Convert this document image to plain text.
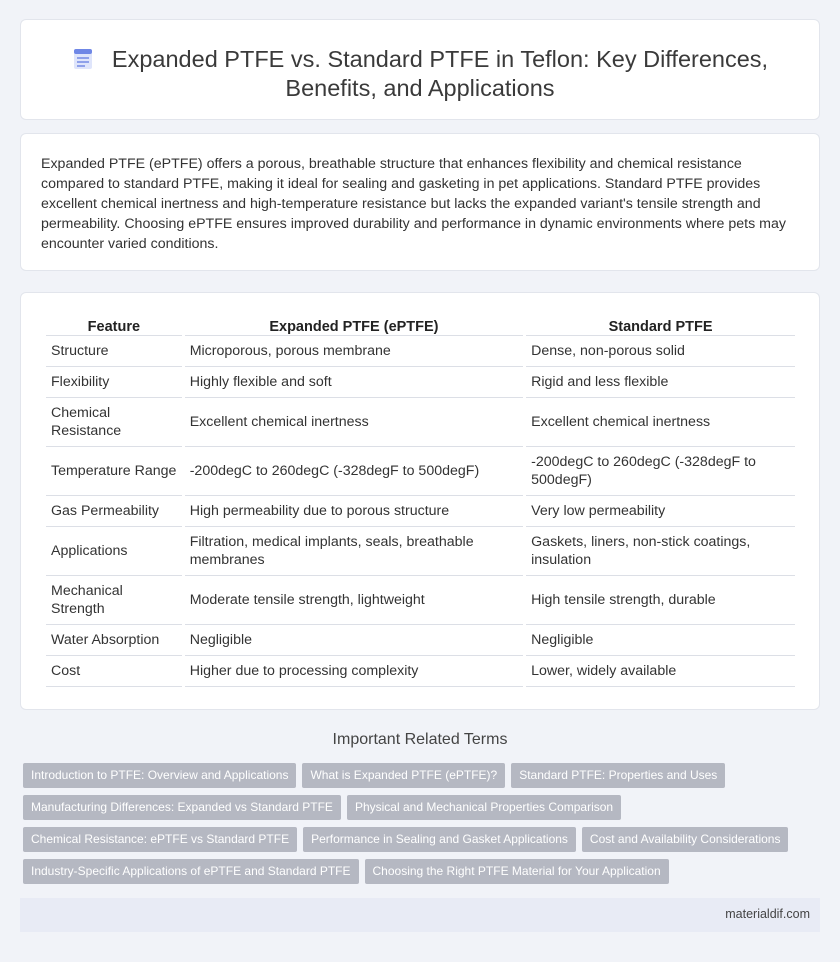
Expanded PTFE vs. Standard PTFE in Teflon: Key Differences, Benefits, and Applications

Expanded PTFE (ePTFE) offers a porous, breathable structure that enhances flexibility and chemical resistance compared to standard PTFE, making it ideal for sealing and gasketing in pet applications. Standard PTFE provides excellent chemical inertness and high-temperature resistance but lacks the expanded variant's tensile strength and permeability. Choosing ePTFE ensures improved durability and performance in dynamic environments where pets may encounter varied conditions.

Feature	Expanded PTFE (ePTFE)	Standard PTFE
Structure	Microporous, porous membrane	Dense, non-porous solid
Flexibility	Highly flexible and soft	Rigid and less flexible
Chemical Resistance	Excellent chemical inertness	Excellent chemical inertness
Temperature Range	-200degC to 260degC (-328degF to 500degF)	-200degC to 260degC (-328degF to 500degF)
Gas Permeability	High permeability due to porous structure	Very low permeability
Applications	Filtration, medical implants, seals, breathable membranes	Gaskets, liners, non-stick coatings, insulation
Mechanical Strength	Moderate tensile strength, lightweight	High tensile strength, durable
Water Absorption	Negligible	Negligible
Cost	Higher due to processing complexity	Lower, widely available
Important Related Terms
Introduction to PTFE: Overview and Applications What is Expanded PTFE (ePTFE)? Standard PTFE: Properties and Uses
Manufacturing Differences: Expanded vs Standard PTFE Physical and Mechanical Properties Comparison
Chemical Resistance: ePTFE vs Standard PTFE Performance in Sealing and Gasket Applications Cost and Availability Considerations
Industry-Specific Applications of ePTFE and Standard PTFE Choosing the Right PTFE Material for Your Application
materialdif.com
